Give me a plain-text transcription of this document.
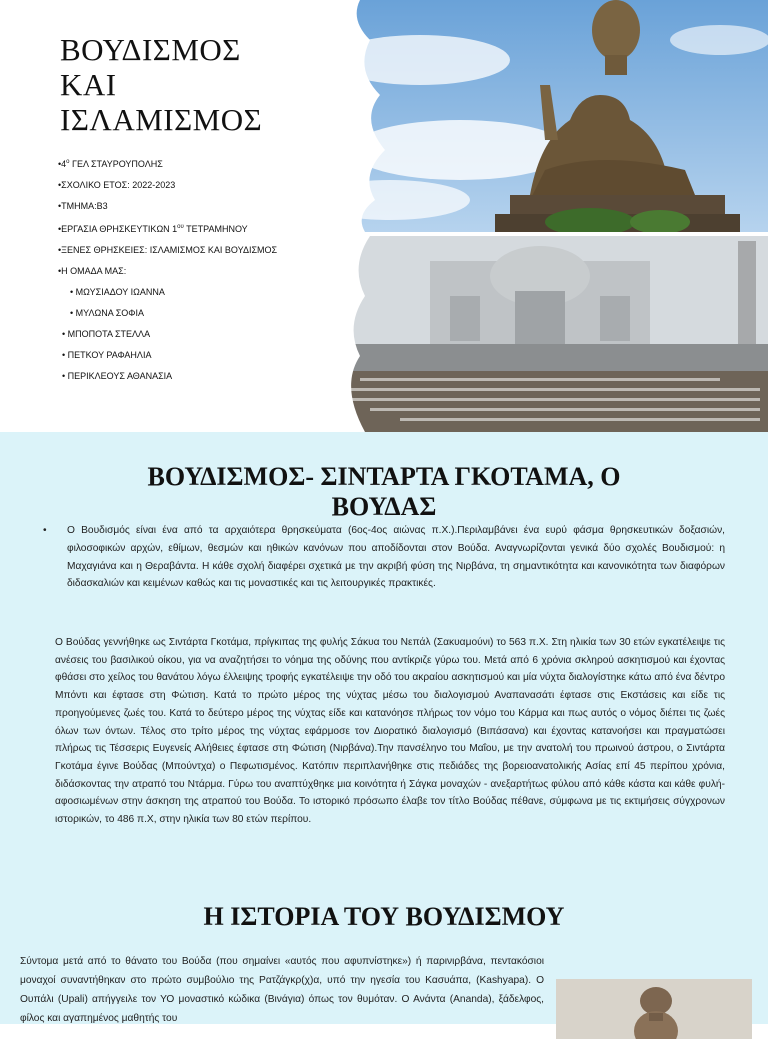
ΒΟΥΔΙΣΜΟΣ
ΚΑΙ
ΙΣΛΑΜΙΣΜΟΣ
$•4^o$ ΓΕΛ ΣΤΑΥΡΟΥΠΟΛΗΣ
•ΣΧΟΛΙΚΟ ΕΤΟΣ: 2022-2023
•ΤΜΗΜΑ:Β3
•ΕΡΓΑΣΙΑ ΘΡΗΣΚΕΥΤΙΚΩΝ $1^{o\upsilon}$ ΤΕΤΡΑΜΗΝΟΥ
•ΞΕΝΕΣ ΘΡΗΣΚΕΙΕΣ: ΙΣΛΑΜΙΣΜΟΣ ΚΑΙ ΒΟΥΔΙΣΜΟΣ
•Η ΟΜΑΔΑ ΜΑΣ:
• ΜΩΥΣΙΑΔΟΥ ΙΩΑΝΝΑ
• ΜΥΛΩΝΑ ΣΟΦΙΑ
• ΜΠΟΠΟΤΑ ΣΤΕΛΛΑ
• ΠΕΤΚΟΥ ΡΑΦΑΗΛΙΑ
• ΠΕΡΙΚΛΕΟΥΣ ΑΘΑΝΑΣΙΑ
ΒΟΥΔΙΣΜΟΣ- ΣΙΝΤΑΡΤΑ ΓΚΟΤΑΜΑ, Ο
ΒΟΥΔΑΣ

• Ο Βουδισμός είναι ένα από τα αρχαιότερα θρησκεύματα (6ος-4ος αιώνας π.Χ.).Περιλαμβάνει ένα ευρύ φάσμα θρησκευτικών δοξασιών, φιλοσοφικών αρχών, εθίμων, θεσμών και ηθικών κανόνων που αποδίδονται στον Βούδα. Αναγνωρίζονται γενικά δύο σχολές Βουδισμού: η Μαχαγιάνα και η Θεραβάντα. Η κάθε σχολή διαφέρει σχετικά με την ακριβή φύση της Νιρβάνα, τη σημαντικότητα και κανονικότητα των διαφόρων διδασκαλιών και κειμένων καθώς και τις μοναστικές και τις λειτουργικές πρακτικές.

Ο Βούδας γεννήθηκε ως Σιντάρτα Γκοτάμα, πρίγκιπας της φυλής Σάκυα του Νεπάλ (Σακυαμούνι) το 563 π.Χ. Στη ηλικία των 30 ετών εγκατέλειψε τις ανέσεις του βασιλικού οίκου, για να αναζητήσει το νόημα της οδύνης που αντίκριζε γύρω του. Μετά από 6 χρόνια σκληρού ασκητισμού και έχοντας φθάσει στο χείλος του θανάτου λόγω έλλειψης τροφής εγκατέλειψε την οδό του ακραίου ασκητισμού και μία νύχτα διαλογίστηκε κάτω από ένα δέντρο Μπόντι και έφτασε στη Φώτιση. Κατά το πρώτο μέρος της νύχτας μέσω του διαλογισμού Αναπανασάτι έφτασε στις Εκστάσεις και είδε τις προηγούμενες ζωές του. Κατά το δεύτερο μέρος της νύχτας είδε και κατανόησε πλήρως τον νόμο του Κάρμα και πως αυτός ο νόμος διέπει τις ζωές όλων των όντων. Τέλος στο τρίτο μέρος της νύχτας εφάρμοσε τον Διορατικό διαλογισμό (Βιπάσανα) και έχοντας κατανοήσει και πραγματώσει πλήρως τις Τέσσερις Ευγενείς Αλήθειες έφτασε στη Φώτιση (Νιρβάνα).Την πανσέληνο του Μαΐου, με την ανατολή του πρωινού άστρου, ο Σιντάρτα Γκοτάμα έγινε Βούδας (Μπούντχα) ο Πεφωτισμένος. Κατόπιν περιπλανήθηκε στις πεδιάδες της βορειοανατολικής Ασίας επί 45 περίπου χρόνια, διδάσκοντας την ατραπό του Ντάρμα. Γύρω του αναπτύχθηκε μια κοινότητα ή Σάγκα μοναχών - ανεξαρτήτως φύλου από κάθε κάστα και κάθε φυλή- αφοσιωμένων στην άσκηση της ατραπού του Βούδα. Το ιστορικό πρόσωπο έλαβε τον τίτλο Βούδας πέθανε, σύμφωνα με τις εκτιμήσεις σύγχρονων ιστορικών, το 486 π.Χ, στην ηλικία των 80 ετών περίπου.

Η ΙΣΤΟΡΙΑ ΤΟΥ ΒΟΥΔΙΣΜΟΥ

Σύντομα μετά από το θάνατο του Βούδα (που σημαίνει «αυτός που αφυπνίστηκε») ή παρινιρβάνα, πεντακόσιοι μοναχοί συναντήθηκαν στο πρώτο συμβούλιο της Ρατζάγκρ(χ)α, υπό την ηγεσία του Κασυάπα, (Kashyapa). Ο Ουπάλι (Upali) απήγγειλε τον ΥΟ μοναστικό κώδικα (Βινάγια) όπως τον θυμόταν. Ο Ανάντα (Ananda), ξάδελφος, φίλος και αγαπημένος μαθητής του
